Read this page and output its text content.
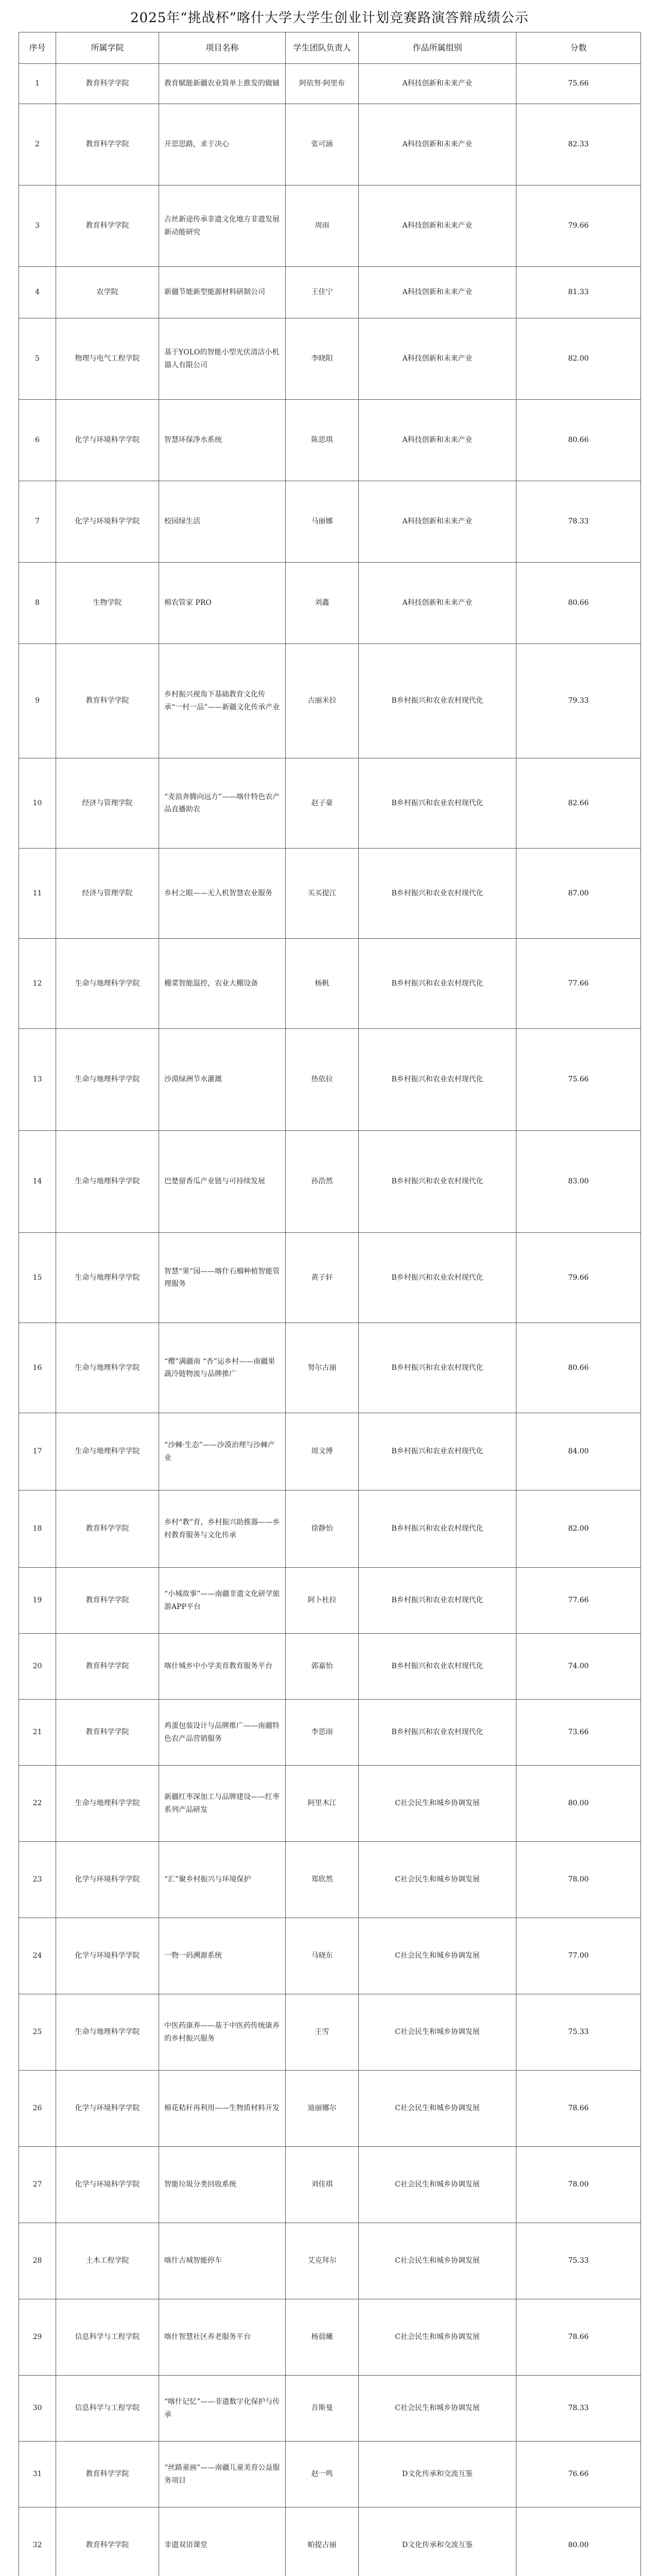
2025年“挑战杯”喀什大学大学生创业计划竞赛路演答辩成绩公示
序号	所属学院	项目名称	学生团队负责人	作品所属组别	分数
1	教育科学学院	教育赋能新疆农业简单上推发的做辅	阿依努·阿里布	A科技创新和未来产业	75.66
2	教育科学学院	开思思路，求于决心	张可涵	A科技创新和未来产业	82.33
3	教育科学学院	古丝新途传承非遗文化地方非遗发展新动能研究	周雨	A科技创新和未来产业	79.66
4	农学院	新疆节能新型能源材料研制公司	王佳宁	A科技创新和未来产业	81.33
5	物理与电气工程学院	基于YOLO的智能小型光伏清洁小机器人有限公司	李晓阳	A科技创新和未来产业	82.00
6	化学与环境科学学院	智慧环保净水系统	陈思琪	A科技创新和未来产业	80.66
7	化学与环境科学学院	校园绿生活	马丽娜	A科技创新和未来产业	78.33
8	生物学院	棉农管家 PRO	刘鑫	A科技创新和未来产业	80.66
9	教育科学学院	乡村振兴视角下基础教育文化传承“一村一品”——新疆文化传承产业	古丽米拉	B乡村振兴和农业农村现代化	79.33
10	经济与管理学院	“麦浪奔腾向远方”——喀什特色农产品直播助农	赵子豪	B乡村振兴和农业农村现代化	82.66
11	经济与管理学院	乡村之眼——无人机智慧农业服务	买买提江	B乡村振兴和农业农村现代化	87.00
12	生命与地理科学学院	棚菜智能温控，农业大棚设备	杨帆	B乡村振兴和农业农村现代化	77.66
13	生命与地理科学学院	沙漠绿洲节水灌溉	热依拉	B乡村振兴和农业农村现代化	75.66
14	生命与地理科学学院	巴楚留香瓜产业链与可持续发展	孙浩然	B乡村振兴和农业农村现代化	83.00
15	生命与地理科学学院	智慧“果”园——喀什石榴种植智能管理服务	黄子轩	B乡村振兴和农业农村现代化	79.66
16	生命与地理科学学院	“樱”满疆南 “杏”运乡村——南疆果蔬冷链物流与品牌推广	努尔古丽	B乡村振兴和农业农村现代化	80.66
17	生命与地理科学学院	“沙棘·生态”——沙漠治理与沙棘产业	周文博	B乡村振兴和农业农村现代化	84.00
18	教育科学学院	乡村“教”育，乡村振兴助推器——乡村教育服务与文化传承	徐静怡	B乡村振兴和农业农村现代化	82.00
19	教育科学学院	“小城故事”——南疆非遗文化研学旅游APP平台	阿卜杜拉	B乡村振兴和农业农村现代化	77.66
20	教育科学学院	喀什城乡中小学美育教育服务平台	郭嘉怡	B乡村振兴和农业农村现代化	74.00
21	教育科学学院	鸡蛋包装设计与品牌推广——南疆特色农产品营销服务	李思雨	B乡村振兴和农业农村现代化	73.66
22	生命与地理科学学院	新疆红枣深加工与品牌建设——红枣系列产品研发	阿里木江	C社会民生和城乡协调发展	80.00
23	化学与环境科学学院	“汇”聚乡村振兴与环境保护	郑欣然	C社会民生和城乡协调发展	78.00
24	化学与环境科学学院	一物一码溯源系统	马晓东	C社会民生和城乡协调发展	77.00
25	生命与地理科学学院	中医药康养——基于中医药传统康养的乡村振兴服务	王雪	C社会民生和城乡协调发展	75.33
26	化学与环境科学学院	棉花秸秆再利用——生物质材料开发	迪丽娜尔	C社会民生和城乡协调发展	78.66
27	化学与环境科学学院	智能垃圾分类回收系统	刘佳琪	C社会民生和城乡协调发展	78.00
28	土木工程学院	喀什古城智能停车	艾克拜尔	C社会民生和城乡协调发展	75.33
29	信息科学与工程学院	喀什智慧社区养老服务平台	杨晨曦	C社会民生和城乡协调发展	78.66
30	信息科学与工程学院	“喀什记忆”——非遗数字化保护与传承	吾斯曼	C社会民生和城乡协调发展	78.33
31	教育科学学院	“丝路童画”——南疆儿童美育公益服务项目	赵一鸣	D文化传承和交流互鉴	76.66
32	教育科学学院	非遗双语课堂	帕提古丽	D文化传承和交流互鉴	80.00
